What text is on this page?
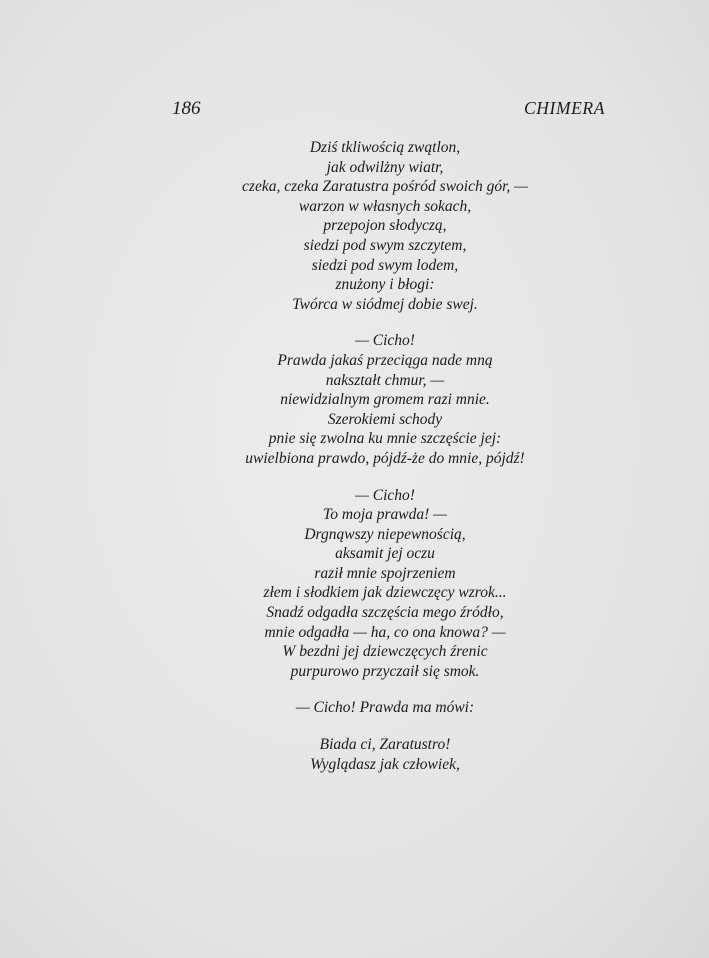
186	CHIMERA
Dziś tkliwością zwątlon,
jak odwilżny wiatr,
czeka, czeka Zaratustra pośród swoich gór, —
warzon w własnych sokach,
przepojon słodyczą,
siedzi pod swym szczytem,
siedzi pod swym lodem,
znużony i błogi:
Twórca w siódmej dobie swej.
— Cicho!
Prawda jakaś przeciąga nade mną
nakształt chmur, —
niewidzialnym gromem razi mnie.
Szerokiemi schody
pnie się zwolna ku mnie szczęście jej:
uwielbiona prawdo, pójdź-że do mnie, pójdź!
— Cicho!
To moja prawda! —
Drgnąwszy niepewnością,
aksamit jej oczu
raził mnie spojrzeniem
złem i słodkiem jak dziewczęcy wzrok...
Snadź odgadła szczęścia mego źródło,
mnie odgadła — ha, co ona knowa? —
W bezdni jej dziewczęcych źrenic
purpurowo przyczaił się smok.
— Cicho! Prawda ma mówi:
Biada ci, Zaratustro!
Wyglądasz jak człowiek,
